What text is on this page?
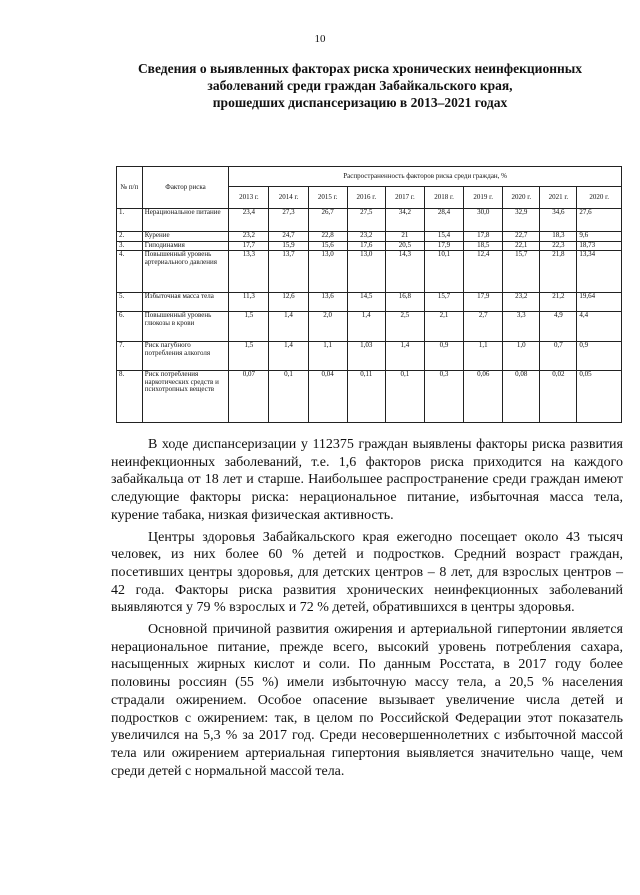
10
Сведения о выявленных факторах риска хронических неинфекционных
заболеваний среди граждан Забайкальского края,
прошедших диспансеризацию в 2013–2021 годах
№ п/п	Фактор риска	Распространенность факторов риска среди граждан, %									
		2013 г.	2014 г.	2015 г.	2016 г.	2017 г.	2018 г.	2019 г.	2020 г.	2021 г.	2020 г.
1.	Нерациональное питание	23,4	27,3	26,7	27,5	34,2	28,4	30,0	32,9	34,6	27,6
2.	Курение	23,2	24,7	22,8	23,2	21	15,4	17,8	22,7	18,3	9,6
3.	Гиподинамия	17,7	15,9	15,6	17,6	20,5	17,9	18,5	22,1	22,3	18,73
4.	Повышенный уровень артериального давления	13,3	13,7	13,0	13,0	14,3	10,1	12,4	15,7	21,8	13,34
5.	Избыточная масса тела	11,3	12,6	13,6	14,5	16,8	15,7	17,9	23,2	21,2	19,64
6.	Повышенный уровень глюкозы в крови	1,5	1,4	2,0	1,4	2,5	2,1	2,7	3,3	4,9	4,4
7.	Риск пагубного потребления алкоголя	1,5	1,4	1,1	1,03	1,4	0,9	1,1	1,0	0,7	0,9
8.	Риск потребления наркотических средств и психотропных веществ	0,07	0,1	0,04	0,11	0,1	0,3	0,06	0,08	0,02	0,05

В ходе диспансеризации у 112375 граждан выявлены факторы риска развития неинфекционных заболеваний, т.е. 1,6 факторов риска приходится на каждого забайкальца от 18 лет и старше. Наибольшее распространение среди граждан имеют следующие факторы риска: нерациональное питание, избыточная масса тела, курение табака, низкая физическая активность.

Центры здоровья Забайкальского края ежегодно посещает около 43 тысяч человек, из них более 60 % детей и подростков. Средний возраст граждан, посетивших центры здоровья, для детских центров – 8 лет, для взрослых центров – 42 года. Факторы риска развития хронических неинфекционных заболеваний выявляются у 79 % взрослых и 72 % детей, обратившихся в центры здоровья.

Основной причиной развития ожирения и артериальной гипертонии является нерациональное питание, прежде всего, высокий уровень потребления сахара, насыщенных жирных кислот и соли. По данным Росстата, в 2017 году более половины россиян (55 %) имели избыточную массу тела, а 20,5 % населения страдали ожирением. Особое опасение вызывает увеличение числа детей и подростков с ожирением: так, в целом по Российской Федерации этот показатель увеличился на 5,3 % за 2017 год. Среди несовершеннолетних с избыточной массой тела или ожирением артериальная гипертония выявляется значительно чаще, чем среди детей с нормальной массой тела.
